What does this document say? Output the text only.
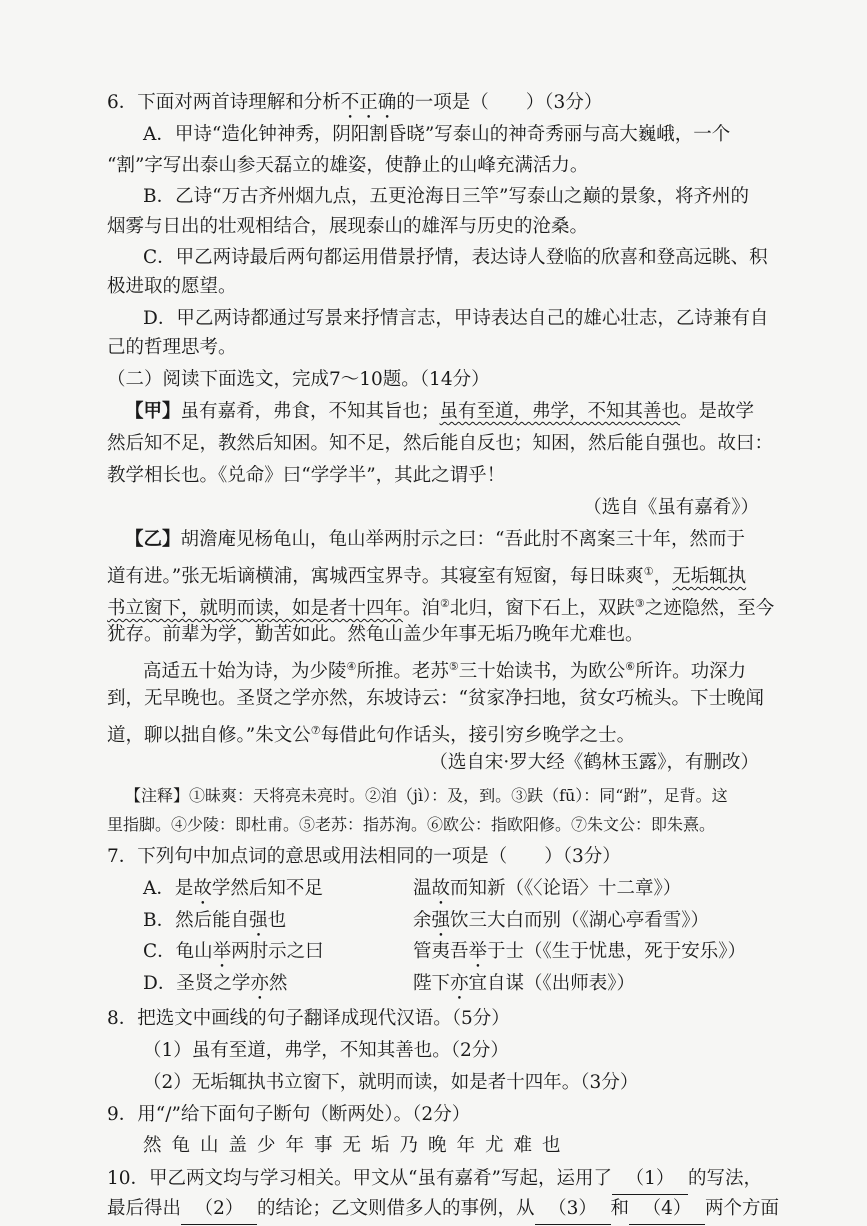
6．下面对两首诗理解和分析不正确的一项是（　　）（3分）
A．甲诗“造化钟神秀，阴阳割昏晓”写泰山的神奇秀丽与高大巍峨，一个
“割”字写出泰山参天磊立的雄姿，使静止的山峰充满活力。
B．乙诗“万古齐州烟九点，五更沧海日三竿”写泰山之巅的景象，将齐州的
烟雾与日出的壮观相结合，展现泰山的雄浑与历史的沧桑。
C．甲乙两诗最后两句都运用借景抒情，表达诗人登临的欣喜和登高远眺、积
极进取的愿望。
D．甲乙两诗都通过写景来抒情言志，甲诗表达自己的雄心壮志，乙诗兼有自
己的哲理思考。
（二）阅读下面选文，完成7～10题。（14分）
【甲】虽有嘉肴，弗食，不知其旨也；虽有至道，弗学，不知其善也。是故学
然后知不足，教然后知困。知不足，然后能自反也；知困，然后能自强也。故曰：
教学相长也。《兑命》曰“学学半”，其此之谓乎！
（选自《虽有嘉肴》）
【乙】胡澹庵见杨龟山，龟山举两肘示之曰：“吾此肘不离案三十年，然而于
道有进。”张无垢谪横浦，寓城西宝界寺。其寝室有短窗，每日昧爽①，无垢辄执
书立窗下，就明而读，如是者十四年。洎②北归，窗下石上，双趺③之迹隐然，至今
犹存。前辈为学，勤苦如此。然龟山盖少年事无垢乃晚年尤难也。
高适五十始为诗，为少陵④所推。老苏⑤三十始读书，为欧公⑥所许。功深力
到，无早晚也。圣贤之学亦然，东坡诗云：“贫家净扫地，贫女巧梳头。下士晚闻
道，聊以拙自修。”朱文公⑦每借此句作话头，接引穷乡晚学之士。
（选自宋·罗大经《鹤林玉露》，有删改）
【注释】①昧爽：天将亮未亮时。②洎（jì）：及，到。③趺（fū）：同“跗”，足背。这
里指脚。④少陵：即杜甫。⑤老苏：指苏洵。⑥欧公：指欧阳修。⑦朱文公：即朱熹。
7．下列句中加点词的意思或用法相同的一项是（　　）（3分）
A．是故学然后知不足	温故而知新（《〈论语〉十二章》）
B．然后能自强也	余强饮三大白而别（《湖心亭看雪》）
C．龟山举两肘示之曰	管夷吾举于士（《生于忧患，死于安乐》）
D．圣贤之学亦然	陛下亦宜自谋（《出师表》）
8．把选文中画线的句子翻译成现代汉语。（5分）
（1）虽有至道，弗学，不知其善也。（2分）
（2）无垢辄执书立窗下，就明而读，如是者十四年。（3分）
9．用“/”给下面句子断句（断两处）。（2分）
然龟山盖少年事无垢乃晚年尤难也
10．甲乙两文均与学习相关。甲文从“虽有嘉肴”写起，运用了 （1） 的写法，
最后得出 （2） 的结论；乙文则借多人的事例，从 （3） 和 （4） 两个方面
